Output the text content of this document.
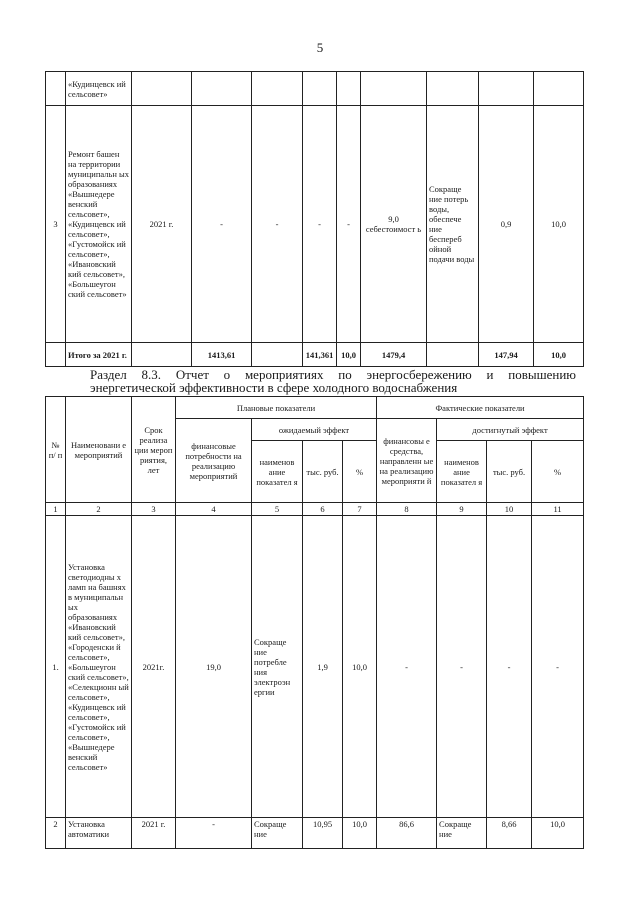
5
	«Кудинцевск ий сельсовет»									
3	Ремонт башен на территории муниципальн ых образованиях «Вышнедере венский сельсовет», «Кудинцевск ий сельсовет», «Густомойск ий сельсовет», «Ивановский кий сельсовет», «Большеугон ский сельсовет»	2021 г.	-	-	-	-	9,0 себестоимост ь	Сокраще ние потерь воды, обеспече ние беспереб ойной подачи воды	0,9	10,0
	Итого за 2021 г.		1413,61		141,361	10,0	1479,4		147,94	10,0
Раздел 8.3. Отчет о мероприятиях по энергосбережению и повышению
энергетической эффективности в сфере холодного водоснабжения
№ п/ п	Наименовани е мероприятий	Срок реализа ции мероп риятия, лет	Плановые показатели				Фактические показатели			
			финансовые потребности на реализацию мероприятий	ожидаемый эффект			финансовы е средства, направленн ые на реализацию мероприяти й	достигнутый эффект		
				наименов ание показател я	тыс. руб.	%		наименов ание показател я	тыс. руб.	%
1	2	3	4	5	6	7	8	9	10	11
1.	Установка светодиодны х ламп на башнях в муниципальн ых образованиях «Ивановский кий сельсовет», «Городенски й сельсовет», «Большеугон ский сельсовет», «Селекционн ый сельсовет», «Кудинцевск ий сельсовет», «Густомойск ий сельсовет», «Вышнедере венский сельсовет»	2021г.	19,0	Сокраще ние потребле ния электроэн ергии	1,9	10,0	-	-	-	-
2	Установка автоматики	2021 г.	-	Сокраще ние	10,95	10,0	86,6	Сокраще ние	8,66	10,0
